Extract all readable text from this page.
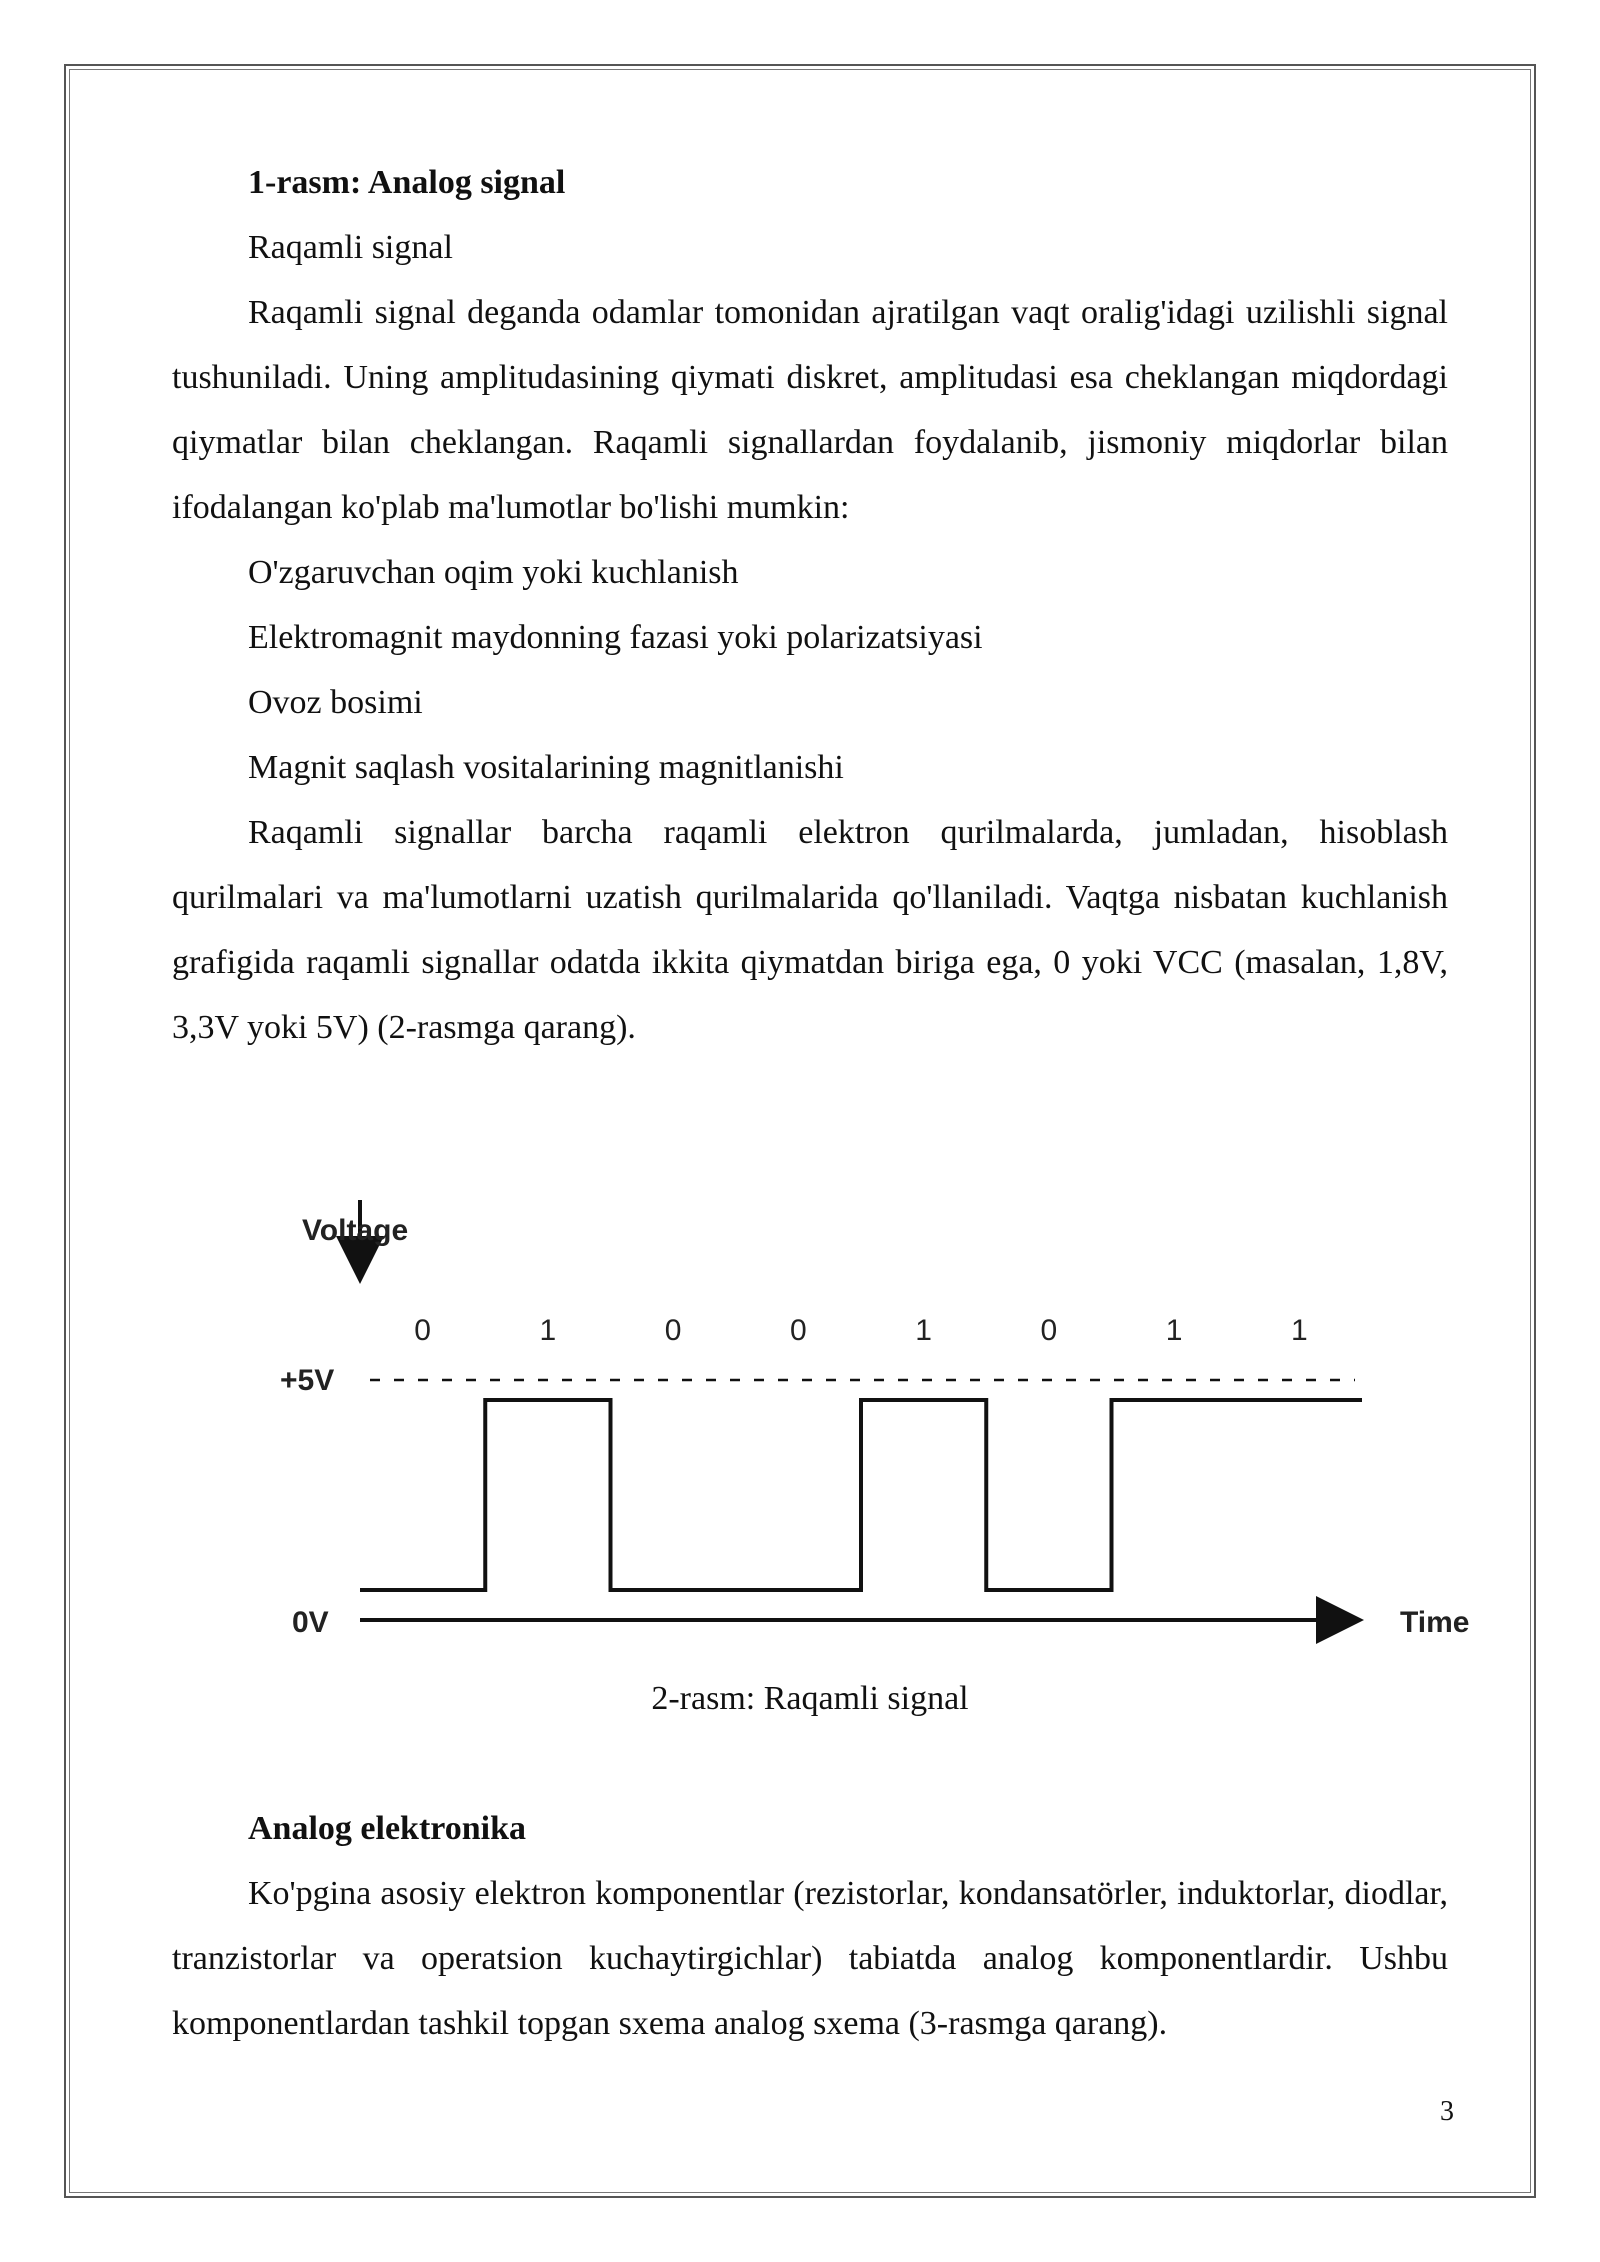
1-rasm: Analog signal

Raqamli signal

Raqamli signal deganda odamlar tomonidan ajratilgan vaqt oralig'idagi uzilishli signal tushuniladi. Uning amplitudasining qiymati diskret, amplitudasi esa cheklangan miqdordagi qiymatlar bilan cheklangan. Raqamli signallardan foydalanib, jismoniy miqdorlar bilan ifodalangan ko'plab ma'lumotlar bo'lishi mumkin:

O'zgaruvchan oqim yoki kuchlanish

Elektromagnit maydonning fazasi yoki polarizatsiyasi

Ovoz bosimi

Magnit saqlash vositalarining magnitlanishi

Raqamli signallar barcha raqamli elektron qurilmalarda, jumladan, hisoblash qurilmalari va ma'lumotlarni uzatish qurilmalarida qo'llaniladi. Vaqtga nisbatan kuchlanish grafigida raqamli signallar odatda ikkita qiymatdan biriga ega, 0 yoki VCC (masalan, 1,8V, 3,3V yoki 5V) (2-rasmga qarang).

Voltage
Time
0V
+5V
0	1	0	0	1	0	1	1
2-rasm: Raqamli signal

Analog elektronika

Ko'pgina asosiy elektron komponentlar (rezistorlar, kondansatörler, induktorlar, diodlar, tranzistorlar va operatsion kuchaytirgichlar) tabiatda analog komponentlardir. Ushbu komponentlardan tashkil topgan sxema analog sxema (3-rasmga qarang).

3
